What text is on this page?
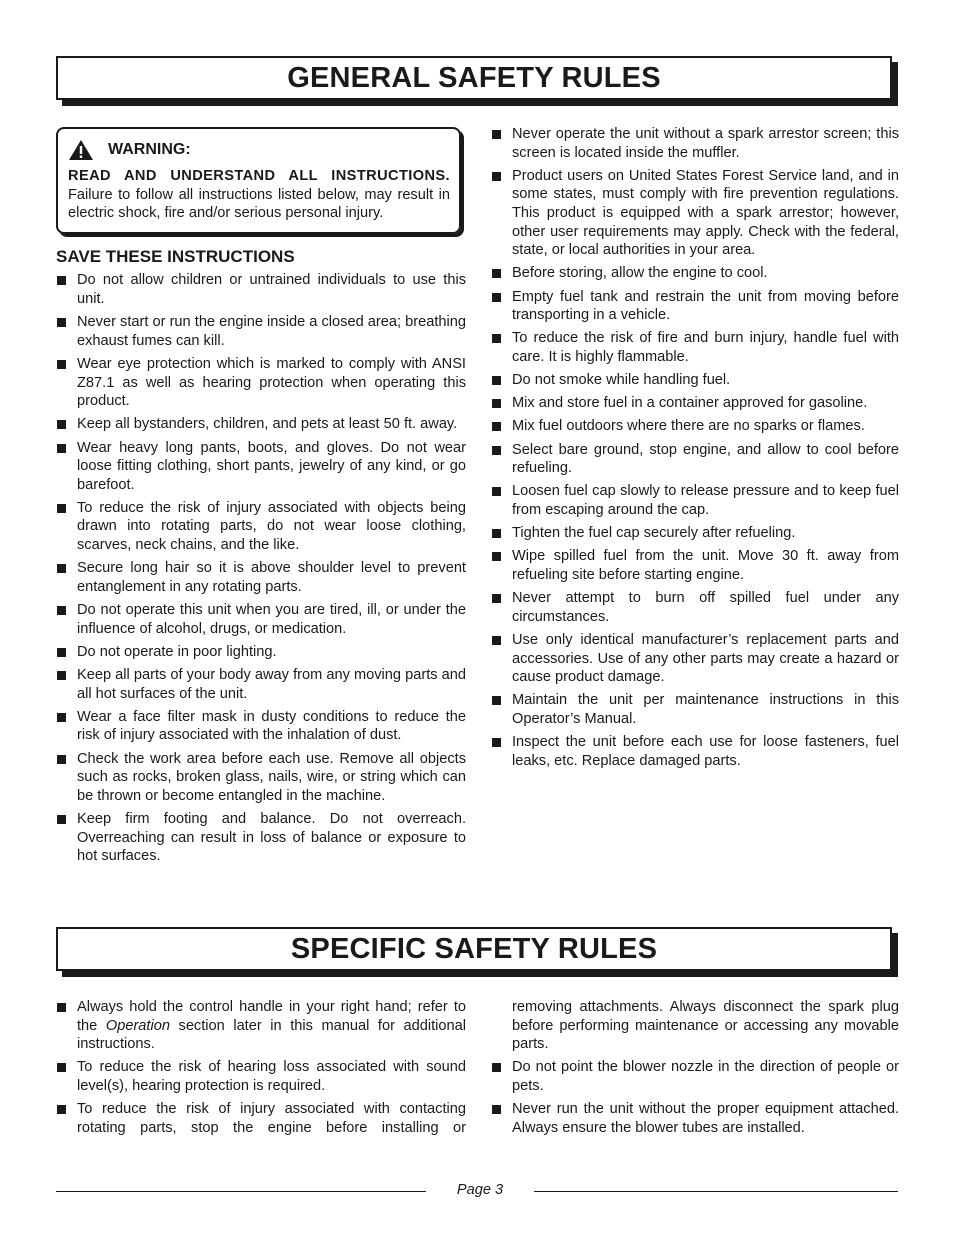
GENERAL SAFETY RULES
WARNING:
READ AND UNDERSTAND ALL INSTRUCTIONS. Failure to follow all instructions listed below, may result in electric shock, fire and/or serious personal injury.
SAVE THESE INSTRUCTIONS
Do not allow children or untrained individuals to use this unit.
Never start or run the engine inside a closed area; breathing exhaust fumes can kill.
Wear eye protection which is marked to comply with ANSI Z87.1 as well as hearing protection when operating this product.
Keep all bystanders, children, and pets at least 50 ft. away.
Wear heavy long pants, boots, and gloves. Do not wear loose fitting clothing, short pants, jewelry of any kind, or go barefoot.
To reduce the risk of injury associated with objects being drawn into rotating parts, do not wear loose clothing, scarves, neck chains, and the like.
Secure long hair so it is above shoulder level to prevent entanglement in any rotating parts.
Do not operate this unit when you are tired, ill, or under the influence of alcohol, drugs, or medication.
Do not operate in poor lighting.
Keep all parts of your body away from any moving parts and all hot surfaces of the unit.
Wear a face filter mask in dusty conditions to reduce the risk of injury associated with the inhalation of dust.
Check the work area before each use. Remove all objects such as rocks, broken glass, nails, wire, or string which can be thrown or become entangled in the machine.
Keep firm footing and balance. Do not overreach. Overreaching can result in loss of balance or exposure to hot surfaces.
Never operate the unit without a spark arrestor screen; this screen is located inside the muffler.
Product users on United States Forest Service land, and in some states, must comply with fire prevention regulations. This product is equipped with a spark arrestor; however, other user requirements may apply. Check with the federal, state, or local authorities in your area.
Before storing, allow the engine to cool.
Empty fuel tank and restrain the unit from moving before transporting in a vehicle.
To reduce the risk of fire and burn injury, handle fuel with care. It is highly flammable.
Do not smoke while handling fuel.
Mix and store fuel in a container approved for gasoline.
Mix fuel outdoors where there are no sparks or flames.
Select bare ground, stop engine, and allow to cool before refueling.
Loosen fuel cap slowly to release pressure and to keep fuel from escaping around the cap.
Tighten the fuel cap securely after refueling.
Wipe spilled fuel from the unit. Move 30 ft. away from refueling site before starting engine.
Never attempt to burn off spilled fuel under any circumstances.
Use only identical manufacturer’s replacement parts and accessories. Use of any other parts may create a hazard or cause product damage.
Maintain the unit per maintenance instructions in this Operator’s Manual.
Inspect the unit before each use for loose fasteners, fuel leaks, etc. Replace damaged parts.
SPECIFIC SAFETY RULES
Always hold the control handle in your right hand; refer to the Operation section later in this manual for additional instructions.
To reduce the risk of hearing loss associated with sound level(s), hearing protection is required.
To reduce the risk of injury associated with contacting rotating parts, stop the engine before installing or
removing attachments. Always disconnect the spark plug before performing maintenance or accessing any movable parts.
Do not point the blower nozzle in the direction of people or pets.
Never run the unit without the proper equipment attached. Always ensure the blower tubes are installed.
Page 3
